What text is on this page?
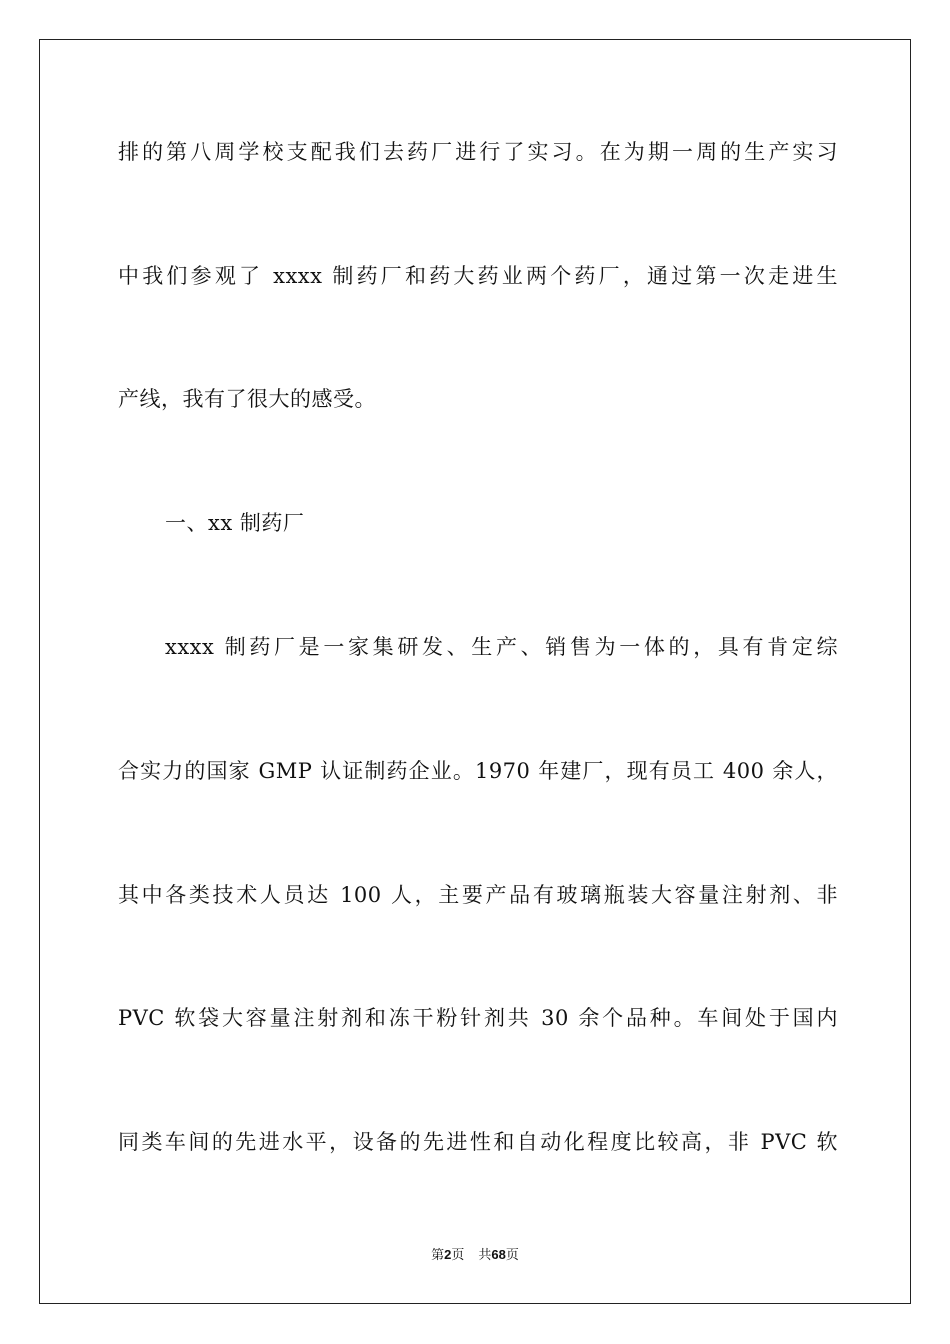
排的第八周学校支配我们去药厂进行了实习。在为期一周的生产实习
中我们参观了 xxxx 制药厂和药大药业两个药厂，通过第一次走进生
产线，我有了很大的感受。
一、xx 制药厂
xxxx 制药厂是一家集研发、生产、销售为一体的，具有肯定综
合实力的国家 GMP 认证制药企业。1970 年建厂，现有员工 400 余人，
其中各类技术人员达 100 人，主要产品有玻璃瓶装大容量注射剂、非
PVC 软袋大容量注射剂和冻干粉针剂共 30 余个品种。车间处于国内
同类车间的先进水平，设备的先进性和自动化程度比较高，非 PVC 软
第2页 共68页
